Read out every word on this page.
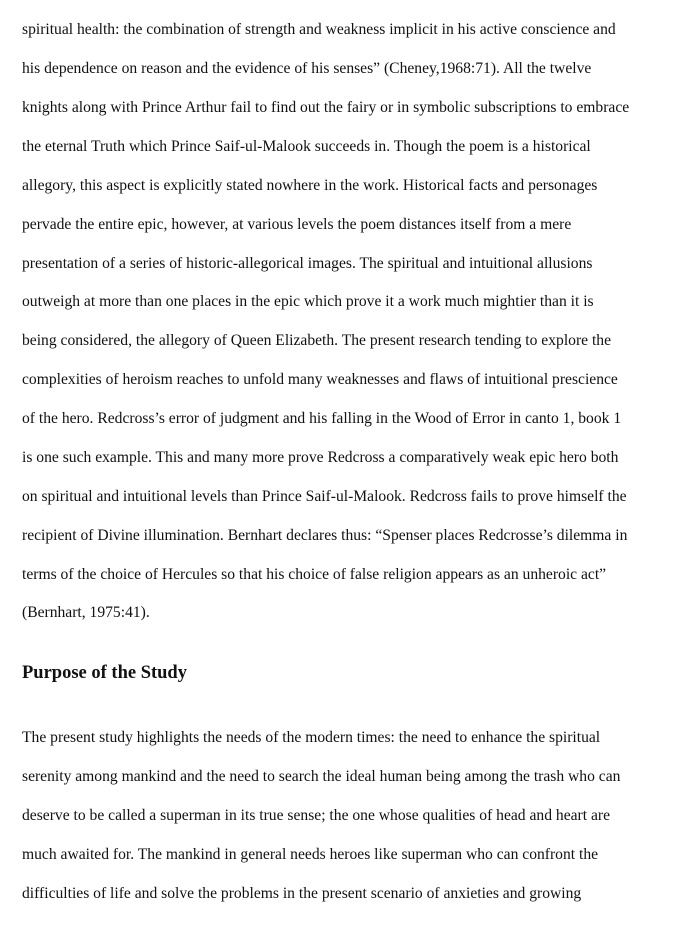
spiritual health: the combination of strength and weakness implicit in his active conscience and
his dependence on reason and the evidence of his senses” (Cheney,1968:71). All the twelve
knights along with Prince Arthur fail to find out the fairy or in symbolic subscriptions to embrace
the eternal Truth which Prince Saif-ul-Malook succeeds in. Though the poem is a historical
allegory, this aspect is explicitly stated nowhere in the work. Historical facts and personages
pervade the entire epic, however, at various levels the poem distances itself from a mere
presentation of a series of historic-allegorical images. The spiritual and intuitional allusions
outweigh at more than one places in the epic which prove it a work much mightier than it is
being considered, the allegory of Queen Elizabeth. The present research tending to explore the
complexities of heroism reaches to unfold many weaknesses and flaws of intuitional prescience
of the hero. Redcross’s error of judgment and his falling in the Wood of Error in canto 1, book 1
is one such example. This and many more prove Redcross a comparatively weak epic hero both
on spiritual and intuitional levels than Prince Saif-ul-Malook. Redcross fails to prove himself the
recipient of Divine illumination. Bernhart declares thus: “Spenser places Redcrosse’s dilemma in
terms of the choice of Hercules so that his choice of false religion appears as an unheroic act”
(Bernhart, 1975:41).
Purpose of the Study
The present study highlights the needs of the modern times: the need to enhance the spiritual
serenity among mankind and the need to search the ideal human being among the trash who can
deserve to be called a superman in its true sense; the one whose qualities of head and heart are
much awaited for. The mankind in general needs heroes like superman who can confront the
difficulties of life and solve the problems in the present scenario of anxieties and growing
